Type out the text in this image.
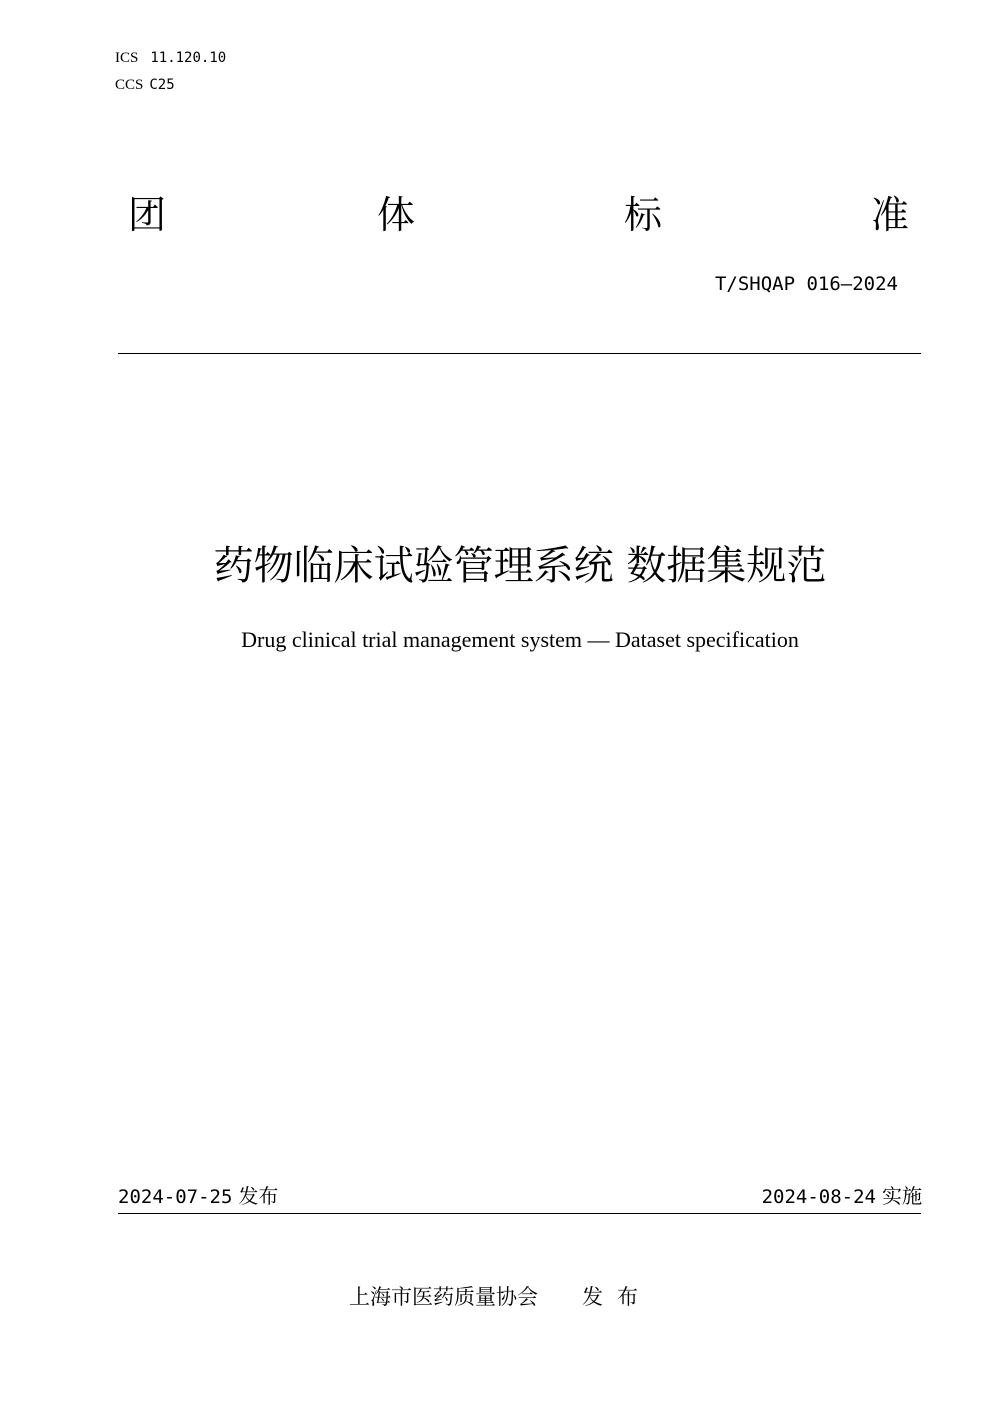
ICS 11.120.10
CCS C25
团	体	标	准
T/SHQAP 016—2024
药物临床试验管理系统 数据集规范
Drug clinical trial management system — Dataset specification
2024-07-25 发布	2024-08-24 实施
上海市医药质量协会 发布
